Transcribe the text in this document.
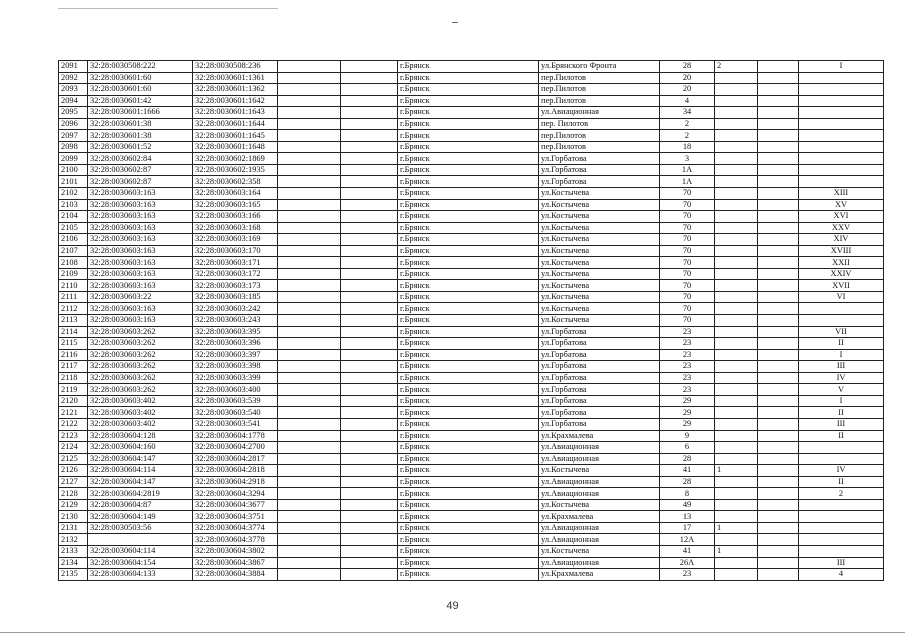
2091	32:28:0030508:222	32:28:0030508:236			г.Брянск	ул.Брянского Фронта	28	2		I
2092	32:28:0030601:60	32:28:0030601:1361			г.Брянск	пер.Пилотов	20			
2093	32:28:0030601:60	32:28:0030601:1362			г.Брянск	пер.Пилотов	20			
2094	32:28:0030601:42	32:28:0030601:1642			г.Брянск	пер.Пилотов	4			
2095	32:28:0030601:1666	32:28:0030601:1643			г.Брянск	ул.Авиационная	34			
2096	32:28:0030601:38	32:28:0030601:1644			г.Брянск	пер. Пилотов	2			
2097	32:28:0030601:38	32:28:0030601:1645			г.Брянск	пер.Пилотов	2			
2098	32:28:0030601:52	32:28:0030601:1648			г.Брянск	пер.Пилотов	18			
2099	32:28:0030602:84	32:28:0030602:1869			г.Брянск	ул.Горбатова	3			
2100	32:28:0030602:87	32:28:0030602:1935			г.Брянск	ул.Горбатова	1А			
2101	32:28:0030602:87	32:28:0030602:358			г.Брянск	ул.Горбатова	1А			
2102	32:28:0030603:163	32:28:0030603:164			г.Брянск	ул.Костычева	70			XIII
2103	32:28:0030603:163	32:28:0030603:165			г.Брянск	ул.Костычева	70			XV
2104	32:28:0030603:163	32:28:0030603:166			г.Брянск	ул.Костычева	70			XVI
2105	32:28:0030603:163	32:28:0030603:168			г.Брянск	ул.Костычева	70			XXV
2106	32:28:0030603:163	32:28:0030603:169			г.Брянск	ул.Костычева	70			XIV
2107	32:28:0030603:163	32:28:0030603:170			г.Брянск	ул.Костычева	70			XVIII
2108	32:28:0030603:163	32:28:0030603:171			г.Брянск	ул.Костычева	70			XXII
2109	32:28:0030603:163	32:28:0030603:172			г.Брянск	ул.Костычева	70			XXIV
2110	32:28:0030603:163	32:28:0030603:173			г.Брянск	ул.Костычева	70			XVII
2111	32:28:0030603:22	32:28:0030603:185			г.Брянск	ул.Костычева	70			VI
2112	32:28:0030603:163	32:28:0030603:242			г.Брянск	ул.Костычева	70			
2113	32:28:0030603:163	32:28:0030603:243			г.Брянск	ул.Костычева	70			
2114	32:28:0030603:262	32:28:0030603:395			г.Брянск	ул.Горбатова	23			VII
2115	32:28:0030603:262	32:28:0030603:396			г.Брянск	ул.Горбатова	23			II
2116	32:28:0030603:262	32:28:0030603:397			г.Брянск	ул.Горбатова	23			I
2117	32:28:0030603:262	32:28:0030603:398			г.Брянск	ул.Горбатова	23			III
2118	32:28:0030603:262	32:28:0030603:399			г.Брянск	ул.Горбатова	23			IV
2119	32:28:0030603:262	32:28:0030603:400			г.Брянск	ул.Горбатова	23			V
2120	32:28:0030603:402	32:28:0030603:539			г.Брянск	ул.Горбатова	29			I
2121	32:28:0030603:402	32:28:0030603:540			г.Брянск	ул.Горбатова	29			II
2122	32:28:0030603:402	32:28:0030603:541			г.Брянск	ул.Горбатова	29			III
2123	32:28:0030604:128	32:28:0030604:1778			г.Брянск	ул.Крахмалева	9			II
2124	32:28:0030604:160	32:28:0030604:2700			г.Брянск	ул.Авиационная	6			
2125	32:28:0030604:147	32:28:0030604:2817			г.Брянск	ул.Авиационная	28			
2126	32:28:0030604:114	32:28:0030604:2818			г.Брянск	ул.Костычева	41	1		IV
2127	32:28:0030604:147	32:28:0030604:2918			г.Брянск	ул.Авиационная	28			II
2128	32:28:0030604:2819	32:28:0030604:3294			г.Брянск	ул.Авиационная	8			2
2129	32:28:0030604:87	32:28:0030604:3677			г.Брянск	ул.Костычева	49			
2130	32:28:0030604:149	32:28:0030604:3751			г.Брянск	ул.Крахмалева	13			
2131	32:28:0030503:56	32:28:0030604:3774			г.Брянск	ул.Авиационная	17	1		
2132		32:28:0030604:3778			г.Брянск	ул.Авиационная	12А			
2133	32:28:0030604:114	32:28:0030604:3802			г.Брянск	ул.Костычева	41	1		
2134	32:28:0030604:154	32:28:0030604:3867			г.Брянск	ул.Авиационная	26А			III
2135	32:28:0030604:133	32:28:0030604:3884			г.Брянск	ул.Крахмалева	23			4
49
